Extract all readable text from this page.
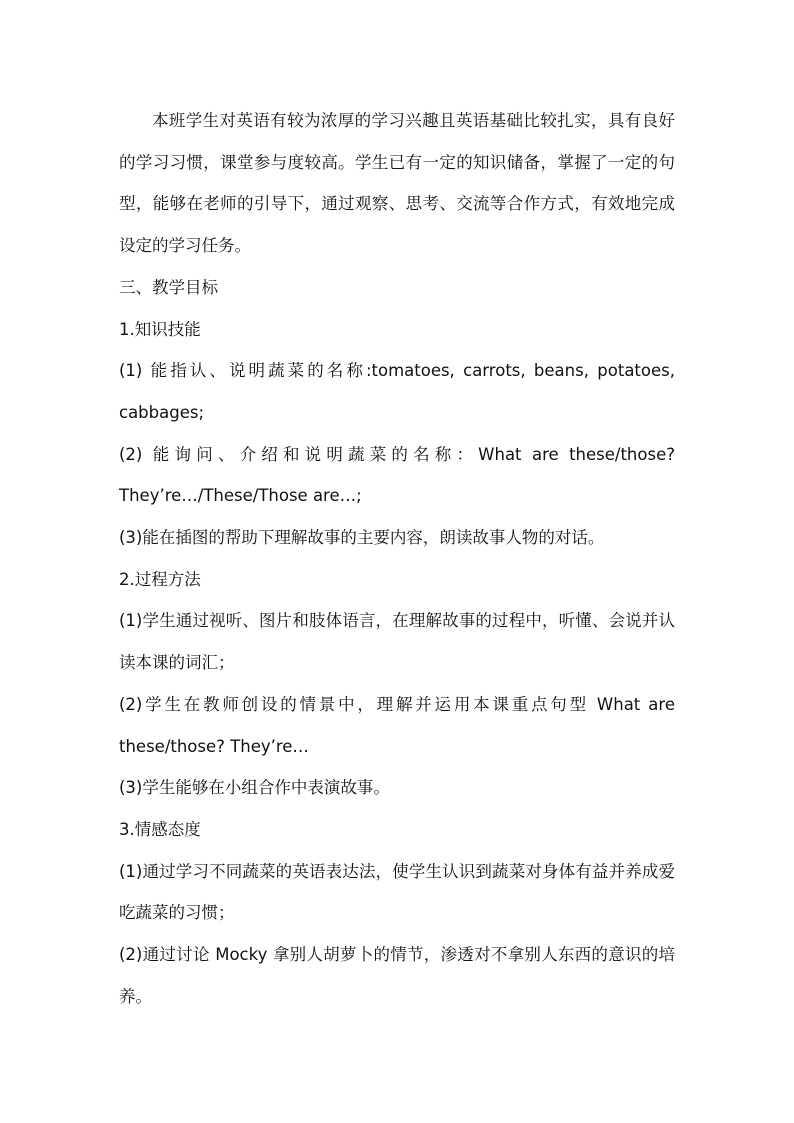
本班学生对英语有较为浓厚的学习兴趣且英语基础比较扎实，具有良好的学习习惯，课堂参与度较高。学生已有一定的知识储备，掌握了一定的句型，能够在老师的引导下，通过观察、思考、交流等合作方式，有效地完成设定的学习任务。

三、教学目标

1.知识技能

(1) 能指认、说明蔬菜的名称:tomatoes, carrots, beans, potatoes, cabbages;

(2) 能询问、介绍和说明蔬菜的名称：What are these/those? They’re…/These/Those are…;

(3)能在插图的帮助下理解故事的主要内容，朗读故事人物的对话。

2.过程方法

(1)学生通过视听、图片和肢体语言，在理解故事的过程中，听懂、会说并认读本课的词汇；

(2)学生在教师创设的情景中，理解并运用本课重点句型 What are these/those? They’re…

(3)学生能够在小组合作中表演故事。

3.情感态度

(1)通过学习不同蔬菜的英语表达法，使学生认识到蔬菜对身体有益并养成爱吃蔬菜的习惯；

(2)通过讨论 Mocky 拿别人胡萝卜的情节，渗透对不拿别人东西的意识的培养。
